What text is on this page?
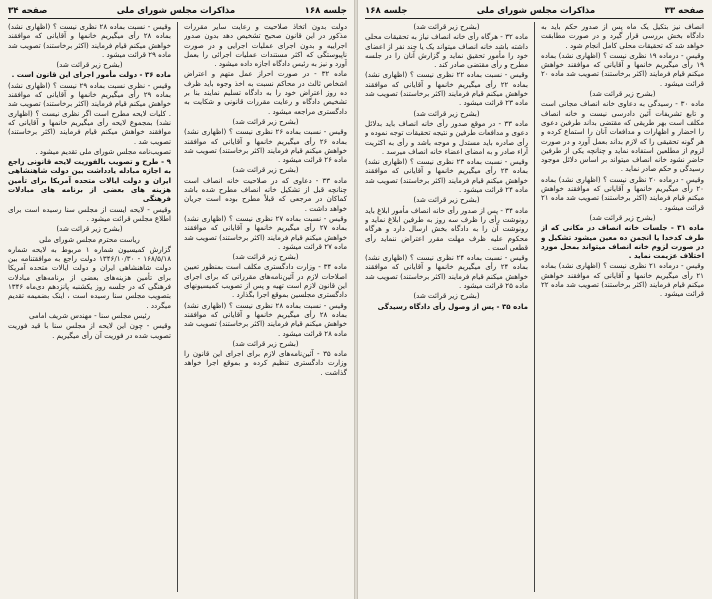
جلسه ۱۶۸
مذاکرات مجلس شورای ملی
صفحه ۳۴

دولت بدون اتخاذ صلاحیت و رعایت سایر مقررات مذکور در این قانون صحیح تشخیص دهد بدون صدور اجراییه و بدون اجرای عملیات اجرایی و در صورت ناپیوستگی که اکثر مستندات عملیات اجرائی را بعمل آورد و نیز به رئیس دادگاه اجازه داده میشود .

ماده ۳۲ - در صورت احراز عمل متهم و اعتراض اشخاص ثالث در محاکم نسبت به اخذ وجوه باید ظرف ده روز اعتراض خود را به دادگاه تسلیم نمایند بنا بر تشخیص دادگاه و رعایت مقررات قانونی و شکایت به دادگستری مراجعه میشود .

(بشرح زیر قرائت شد)

وقیس - نسبت بماده ۲۶ نظری نیست ؟ (اظهاری نشد) بماده ۲۶ رأی میگیریم خانمها و آقایانی که موافقند خواهش میکنم قیام فرمایند (اکثر برخاستند) تصویب شد ماده ۲۶ قرائت میشود .

(بشرح زیر قرائت شد)

ماده ۳۳ - دعاوی که در صلاحیت خانه انصاف است چنانچه قبل از تشکیل خانه انصاف مطرح شده باشد کماکان در مرجعی که قبلاً مطرح بوده است جریان خواهد داشت .

وقیس - نسبت بماده ۲۷ نظری نیست ؟ (اظهاری نشد) بماده ۲۷ رأی میگیریم خانمها و آقایانی که موافقند خواهش میکنم قیام فرمایند (اکثر برخاستند) تصویب شد ماده ۲۷ قرائت میشود .

(بشرح زیر قرائت شد)

ماده ۳۴ - وزارت دادگستری مکلف است بمنظور تعیین اصلاحات لازم در آئین‌نامه‌های مقرراتی که برای اجرای این قانون لازم است تهیه و پس از تصویب کمیسیونهای دادگستری مجلسین بموقع اجرا بگذارد .

وقیس - نسبت بماده ۲۸ نظری نیست ؟ (اظهاری نشد) بماده ۲۸ رأی میگیریم خانمها و آقایانی که موافقند خواهش میکنم قیام فرمایند (اکثر برخاستند) تصویب شد ماده ۲۸ قرائت میشود .

(بشرح زیر قرائت شد)

ماده ۳۵ - آئین‌نامه‌های لازم برای اجرای این قانون را وزارت دادگستری تنظیم کرده و بموقع اجرا خواهد گذاشت .

وقیس - نسبت بماده ۲۸ نظری نیست ؟ (اظهاری نشد) بماده ۲۸ رأی میگیریم خانمها و آقایانی که موافقند خواهش میکنم قیام فرمایند (اکثر برخاستند) تصویب شد ماده ۲۹ قرائت میشود .

(بشرح زیر قرائت شد)

ماده ۳۶ - دولت مأمور اجرای این قانون است .

وقیس - نظری نسبت بماده ۲۹ نیست ؟ (اظهاری نشد) بماده ۲۹ رأی میگیریم خانمها و آقایانی که موافقند خواهش میکنم قیام فرمایند (اکثر برخاستند) تصویب شد . کلیات لایحه مطرح است اگر نظری نیست ؟ (اظهاری نشد) بمجموع لایحه رأی میگیریم خانمها و آقایانی که موافقند خواهش میکنم قیام فرمایند (اکثر برخاستند) تصویب شد .

تصویب‌نامه مجلس شورای ملی تقدیم میشود .

۹ - طرح و تصویب بالفوریت لایحه قانونی راجع به اجازه مبادله یادداشت بین دولت شاهنشاهی ایران و دولت ایالات متحده آمریکا برای تأمین هزینه های بعضی از برنامه های مبادلات فرهنگی

وقیس - لایحه ایست از مجلس سنا رسیده است برای اطلاع مجلس قرائت میشود .

(بشرح زیر قرائت شد)

ریاست محترم مجلس شورای ملی

گزارش کمیسیون شماره ۱ مربوط به لایحه شماره ۱۶۸/۵/۱۸ - ۱۳۴۶/۱۰/۳۰ دولت راجع به موافقتنامه بین دولت شاهنشاهی ایران و دولت ایالات متحده آمریکا برای تأمین هزینه‌های بعضی از برنامه‌های مبادلات فرهنگی که در جلسه روز یکشنبه پانزدهم دی‌ماه ۱۳۴۶ بتصویب مجلس سنا رسیده است ، اینک بضمیمه تقدیم میگردد .

رئیس مجلس سنا - مهندس شریف امامی

وقیس - چون این لایحه از مجلس سنا با قید فوریت تصویب شده در فوریت آن رأی میگیریم .

صفحه ۳۳
مذاکرات مجلس شورای ملی
جلسه ۱۶۸

انصاف نیز بتکیل یک ماه پس از صدور حکم باید به دادگاه بخش بررسی قرار گیرد و در صورت مطابقت خواهد شد که تحقیقات محلی کامل انجام شود .

وقیس - درماده ۱۹ نظری نیست ؟ (اظهاری نشد) بماده ۱۹ رأی میگیریم خانمها و آقایانی که موافقند خواهش میکنم قیام فرمایند (اکثر برخاستند) تصویب شد ماده ۲۰ قرائت میشود .

(بشرح زیر قرائت شد)

ماده ۳۰ - رسیدگی به دعاوی خانه انصاف مجانی است و تابع تشریفات آئین دادرسی نیست و خانه انصاف مکلف است بهر طریقی که مقتضی بداند طرفین دعوی را احضار و اظهارات و مدافعات آنان را استماع کرده و هر گونه تحقیقی را که لازم بداند بعمل آورد و در صورت لزوم از مطلعین استفاده نماید و چنانچه یکی از طرفین حاضر نشود خانه انصاف میتواند بر اساس دلائل موجود رسیدگی و حکم صادر نماید .

وقیس - درماده ۲۰ نظری نیست ؟ (اظهاری نشد) بماده ۲۰ رأی میگیریم خانمها و آقایانی که موافقند خواهش میکنم قیام فرمایند (اکثر برخاستند) تصویب شد ماده ۲۱ قرائت میشود .

(بشرح زیر قرائت شد)

ماده ۳۱ - جلسات خانه انصاف در مکانی که از طرف کدخدا یا انجمن ده معین میشود تشکیل و در صورت لزوم خانه انصاف میتواند بمحل مورد اختلاف عزیمت نماید .

وقیس - درماده ۲۱ نظری نیست ؟ (اظهاری نشد) بماده ۲۱ رأی میگیریم خانمها و آقایانی که موافقند خواهش میکنم قیام فرمایند (اکثر برخاستند) تصویب شد ماده ۲۲ قرائت میشود .

(بشرح زیر قرائت شد)

ماده ۳۲ - هرگاه رأی خانه انصاف نیاز به تحقیقات محلی داشته باشد خانه انصاف میتواند یک یا چند نفر از اعضای خود را مأمور تحقیق نماید و گزارش آنان را در جلسه مطرح و رأی مقتضی صادر کند .

وقیس - نسبت بماده ۲۲ نظری نیست ؟ (اظهاری نشد) بماده ۲۲ رأی میگیریم خانمها و آقایانی که موافقند خواهش میکنم قیام فرمایند (اکثر برخاستند) تصویب شد ماده ۲۳ قرائت میشود .

(بشرح زیر قرائت شد)

ماده ۳۳ - در موقع صدور رأی خانه انصاف باید بدلائل دعوی و مدافعات طرفین و نتیجه تحقیقات توجه نموده و رأی صادره باید مستدل و موجه باشد و رأی به اکثریت آراء صادر و به امضای اعضاء خانه انصاف میرسد .

وقیس - نسبت بماده ۲۳ نظری نیست ؟ (اظهاری نشد) بماده ۲۳ رأی میگیریم خانمها و آقایانی که موافقند خواهش میکنم قیام فرمایند (اکثر برخاستند) تصویب شد ماده ۲۴ قرائت میشود .

(بشرح زیر قرائت شد)

ماده ۳۴ - پس از صدور رأی خانه انصاف مأمور ابلاغ باید رونوشت رأی را ظرف سه روز به طرفین ابلاغ نماید و رونوشت آن را به دادگاه بخش ارسال دارد و هرگاه محکوم علیه ظرف مهلت مقرر اعتراض ننماید رأی قطعی است .

وقیس - نسبت بماده ۲۴ نظری نیست ؟ (اظهاری نشد) بماده ۲۴ رأی میگیریم خانمها و آقایانی که موافقند خواهش میکنم قیام فرمایند (اکثر برخاستند) تصویب شد ماده ۲۵ قرائت میشود .

(بشرح زیر قرائت شد)

ماده ۳۵ - پس از وصول رأی دادگاه رسیدگی
